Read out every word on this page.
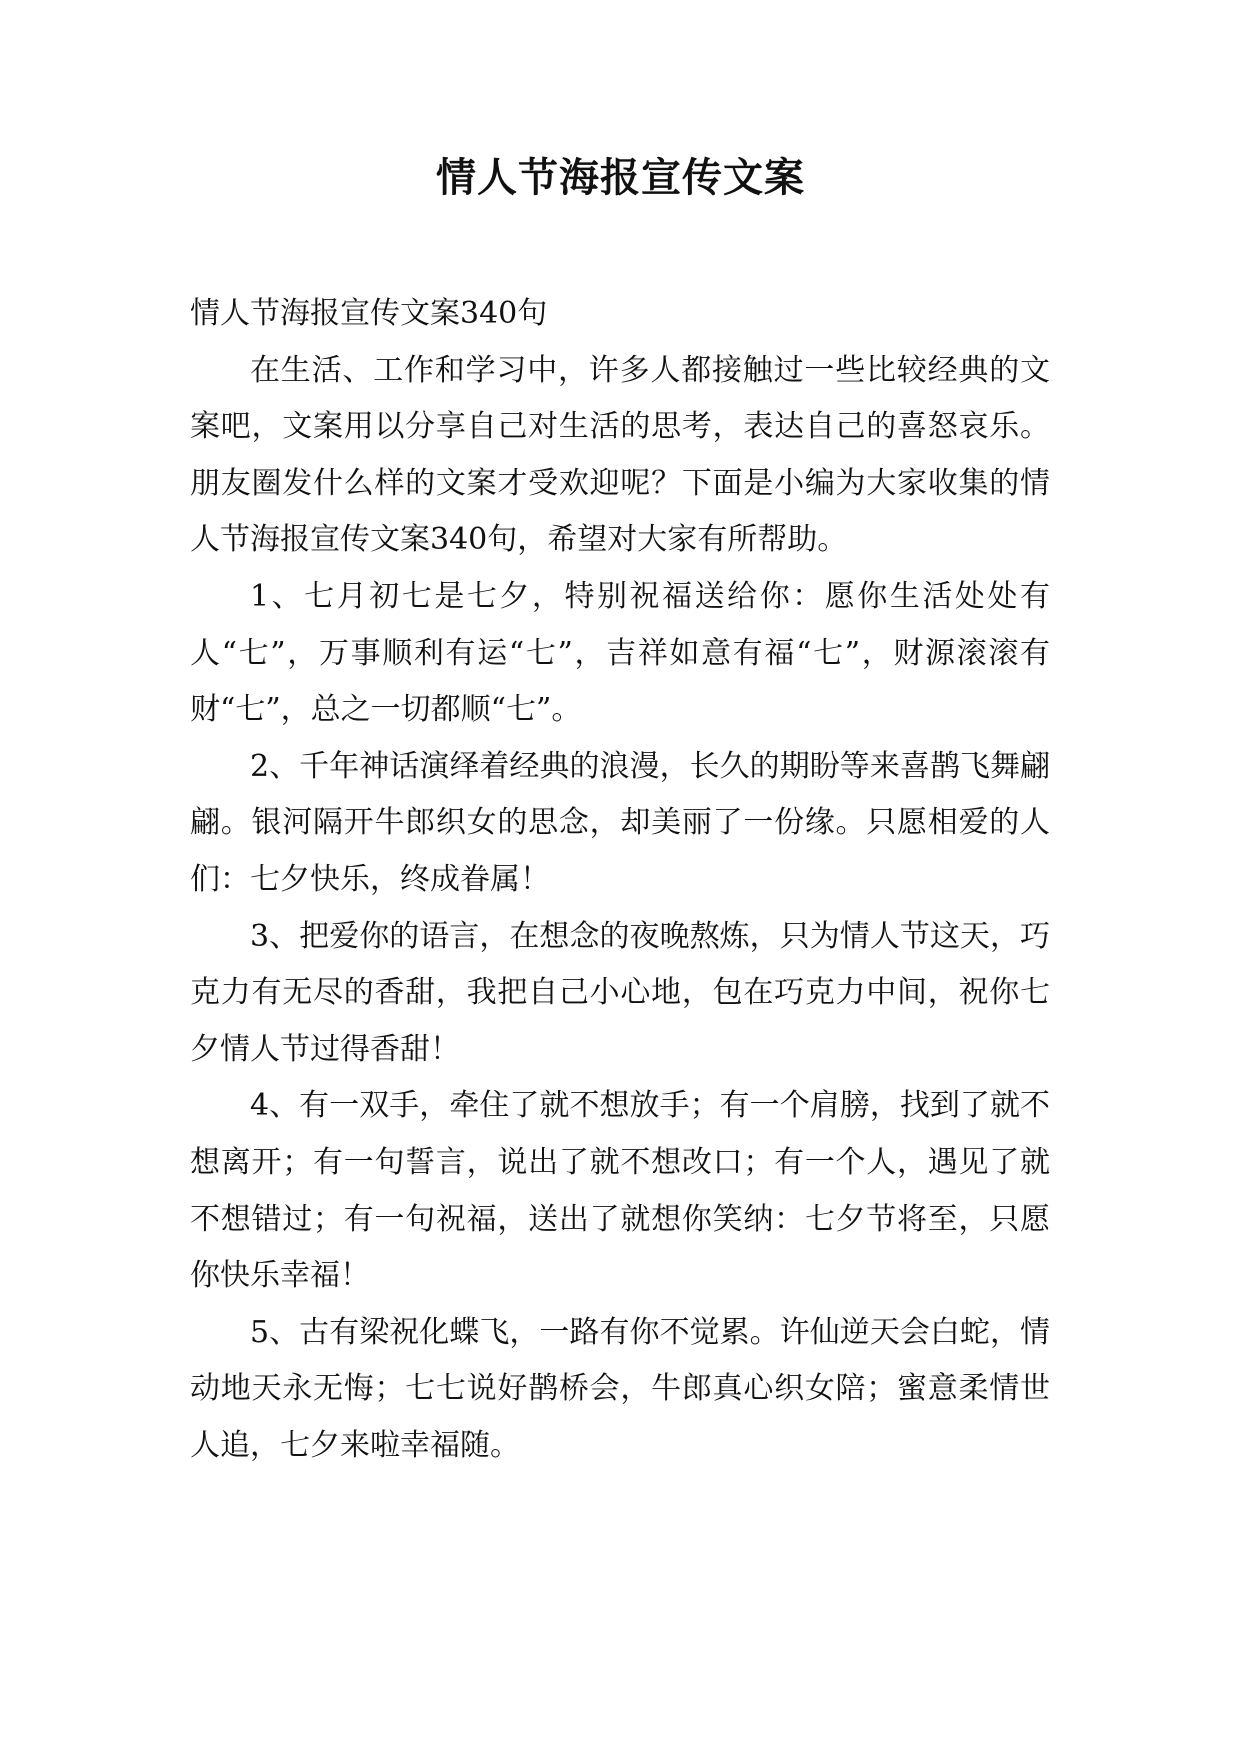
情人节海报宣传文案

情人节海报宣传文案340句

在生活、工作和学习中，许多人都接触过一些比较经典的文案吧，文案用以分享自己对生活的思考，表达自己的喜怒哀乐。朋友圈发什么样的文案才受欢迎呢？下面是小编为大家收集的情人节海报宣传文案340句，希望对大家有所帮助。

1、七月初七是七夕，特别祝福送给你：愿你生活处处有人“七”，万事顺利有运“七”，吉祥如意有福“七”，财源滚滚有财“七”，总之一切都顺“七”。

2、千年神话演绎着经典的浪漫，长久的期盼等来喜鹊飞舞翩翩。银河隔开牛郎织女的思念，却美丽了一份缘。只愿相爱的人们：七夕快乐，终成眷属！

3、把爱你的语言，在想念的夜晚熬炼，只为情人节这天，巧克力有无尽的香甜，我把自己小心地，包在巧克力中间，祝你七夕情人节过得香甜！

4、有一双手，牵住了就不想放手；有一个肩膀，找到了就不想离开；有一句誓言，说出了就不想改口；有一个人，遇见了就不想错过；有一句祝福，送出了就想你笑纳：七夕节将至，只愿你快乐幸福！

5、古有梁祝化蝶飞，一路有你不觉累。许仙逆天会白蛇，情动地天永无悔；七七说好鹊桥会，牛郎真心织女陪；蜜意柔情世人追，七夕来啦幸福随。
